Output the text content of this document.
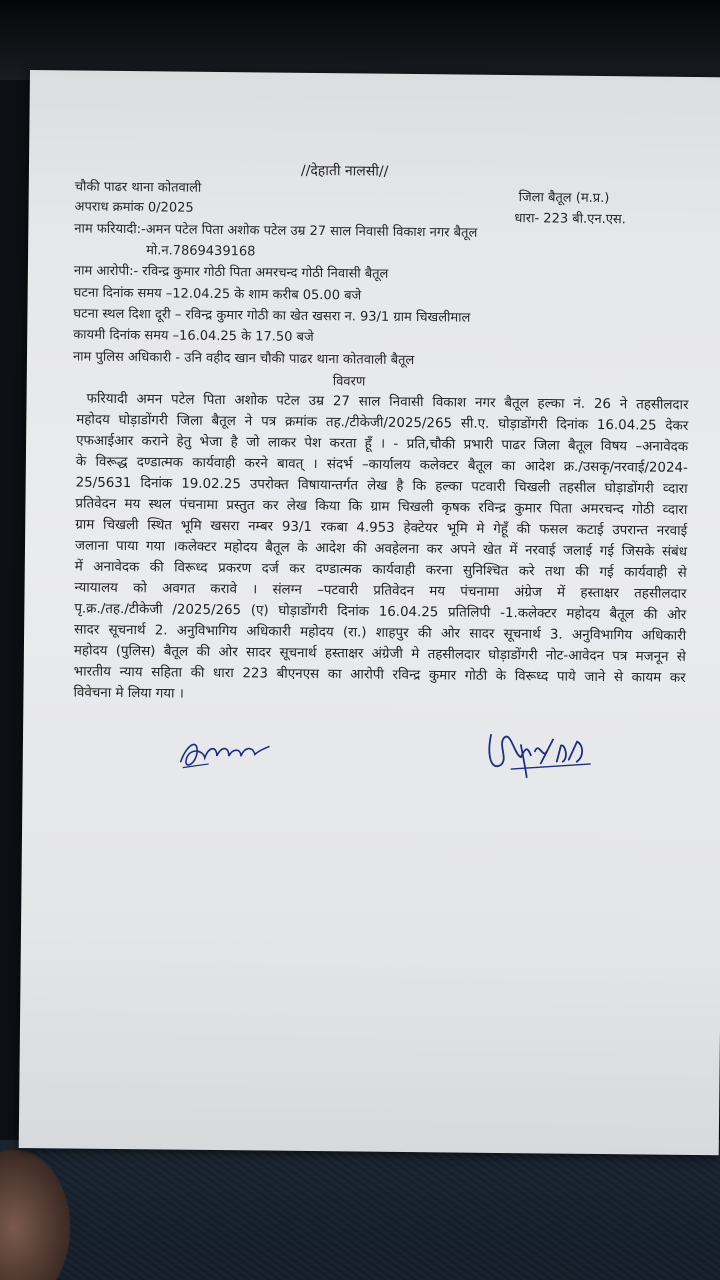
//देहाती नालसी//
चौकी पाढर थाना कोतवाली
अपराध क्रमांक 0/2025
नाम फरियादी:-अमन पटेल पिता अशोक पटेल उम्र 27 साल निवासी विकाश नगर बैतूल
मो.न.7869439168
नाम आरोपी:- रविन्द्र कुमार गोठी पिता अमरचन्द गोठी निवासी बैतूल
घटना दिनांक समय –12.04.25 के शाम करीब 05.00 बजे
घटना स्थल दिशा दूरी – रविन्द्र कुमार गोठी का खेत खसरा न. 93/1 ग्राम चिखलीमाल
कायमी दिनांक समय –16.04.25 के 17.50 बजे
नाम पुलिस अधिकारी - उनि वहीद खान चौकी पाढर थाना कोतवाली बैतूल
जिला बैतूल (म.प्र.)
धारा- 223 बी.एन.एस.
विवरण
फरियादी अमन पटेल पिता अशोक पटेल उम्र 27 साल निवासी विकाश नगर बैतूल हल्का नं. 26 ने तहसीलदार
महोदय घोड़ाडोंगरी जिला बैतूल ने पत्र क्रमांक तह./टीकेजी/2025/265 सी.ए. घोड़ाडोंगरी दिनांक 16.04.25 देकर
एफआईआर कराने हेतु भेजा है जो लाकर पेश करता हूँ । - प्रति,चौकी प्रभारी पाढर जिला बैतूल विषय –अनावेदक
के विरूद्ध दण्डात्मक कार्यवाही करने बावत् । संदर्भ –कार्यालय कलेक्टर बैतूल का आदेश क्र./उसकृ/नरवाई/2024-
25/5631 दिनांक 19.02.25 उपरोक्त विषायान्तर्गत लेख है कि हल्का पटवारी चिखली तहसील घोड़ाडोंगरी व्दारा
प्रतिवेदन मय स्थल पंचनामा प्रस्तुत कर लेख किया कि ग्राम चिखली कृषक रविन्द्र कुमार पिता अमरचन्द गोठी व्दारा
ग्राम चिखली स्थित भूमि खसरा नम्बर 93/1 रकबा 4.953 हेक्टेयर भूमि मे गेहूँ की फसल कटाई उपरान्त नरवाई
जलाना पाया गया ।कलेक्टर महोदय बैतूल के आदेश की अवहेलना कर अपने खेत में नरवाई जलाई गई जिसके संबंध
में अनावेदक की विरूध्द प्रकरण दर्ज कर दण्डात्मक कार्यवाही करना सुनिश्चित करे तथा की गई कार्यवाही से
न्यायालय को अवगत करावे । संलग्न –पटवारी प्रतिवेदन मय पंचनामा अंग्रेज में हस्ताक्षर तहसीलदार
पृ.क्र./तह./टीकेजी /2025/265 (ए) घोड़ाडोंगरी दिनांक 16.04.25 प्रतिलिपी -1.कलेक्टर महोदय बैतूल की ओर
सादर सूचनार्थ 2. अनुविभागिय अधिकारी महोदय (रा.) शाहपुर की ओर सादर सूचनार्थ 3. अनुविभागिय अधिकारी
महोदय (पुलिस) बैतूल की ओर सादर सूचनार्थ हस्ताक्षर अंग्रेजी मे तहसीलदार घोड़ाडोंगरी नोट-आवेदन पत्र मजनून से
भारतीय न्याय सहिता की धारा 223 बीएनएस का आरोपी रविन्द्र कुमार गोठी के विरूध्द पाये जाने से कायम कर
विवेचना मे लिया गया ।
